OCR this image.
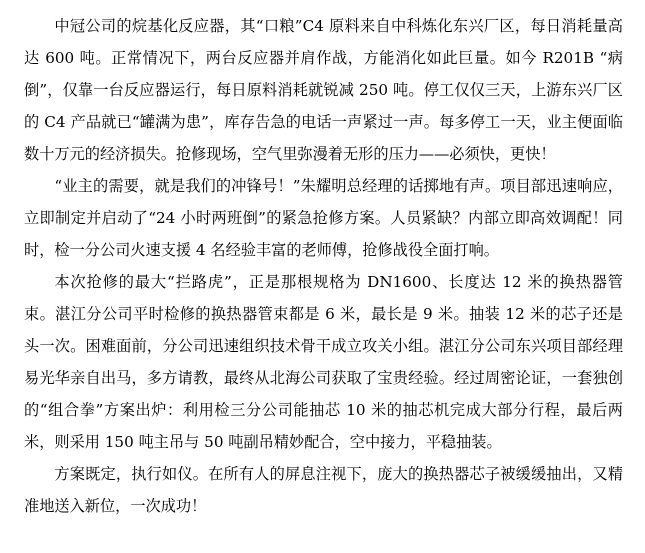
中冠公司的烷基化反应器，其“口粮”C4 原料来自中科炼化东兴厂区，每日消耗量高达 600 吨。正常情况下，两台反应器并肩作战，方能消化如此巨量。如今 R201B “病倒”，仅靠一台反应器运行，每日原料消耗就锐减 250 吨。停工仅仅三天，上游东兴厂区的 C4 产品就已“罐满为患”，库存告急的电话一声紧过一声。每多停工一天，业主便面临数十万元的经济损失。抢修现场，空气里弥漫着无形的压力——必须快，更快！

“业主的需要，就是我们的冲锋号！”朱耀明总经理的话掷地有声。项目部迅速响应，立即制定并启动了“24 小时两班倒”的紧急抢修方案。人员紧缺？内部立即高效调配！同时，检一分公司火速支援 4 名经验丰富的老师傅，抢修战役全面打响。

本次抢修的最大“拦路虎”，正是那根规格为 DN1600、长度达 12 米的换热器管束。湛江分公司平时检修的换热器管束都是 6 米，最长是 9 米。抽装 12 米的芯子还是头一次。困难面前，分公司迅速组织技术骨干成立攻关小组。湛江分公司东兴项目部经理易光华亲自出马，多方请教，最终从北海公司获取了宝贵经验。经过周密论证，一套独创的“组合拳”方案出炉：利用检三分公司能抽芯 10 米的抽芯机完成大部分行程，最后两米，则采用 150 吨主吊与 50 吨副吊精妙配合，空中接力，平稳抽装。

方案既定，执行如仪。在所有人的屏息注视下，庞大的换热器芯子被缓缓抽出，又精准地送入新位，一次成功！
